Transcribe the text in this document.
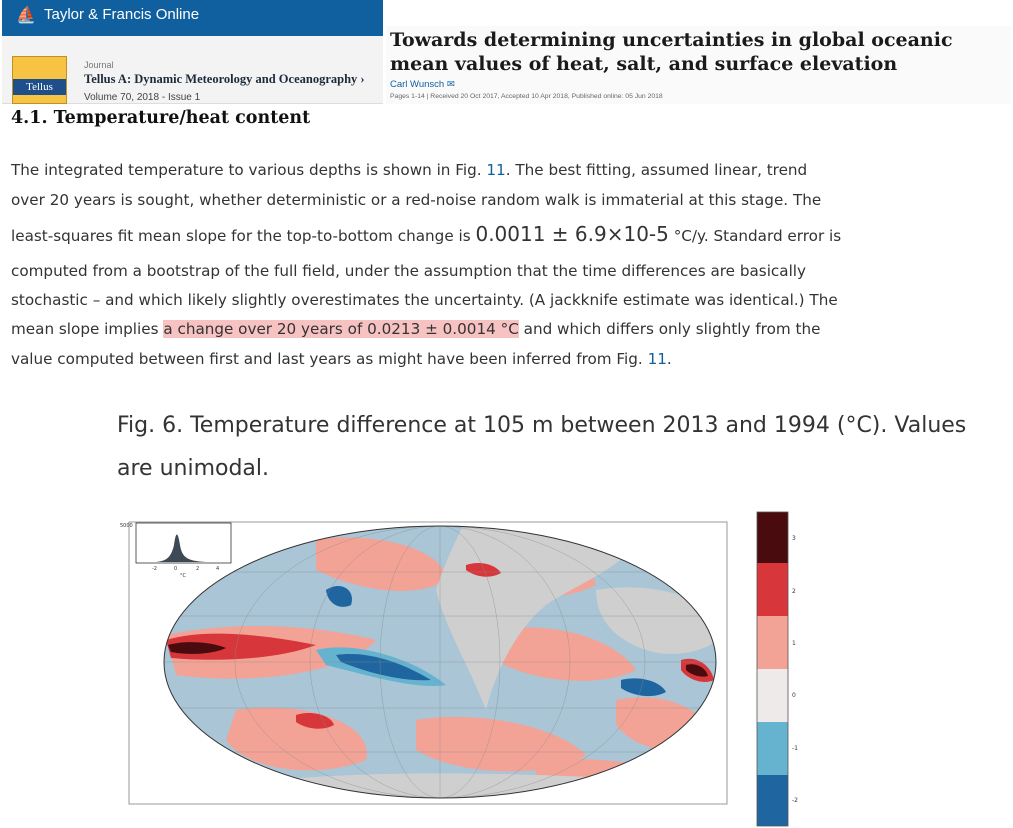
⛵ Taylor & Francis Online
Tellus
Journal
Tellus A: Dynamic Meteorology and Oceanography ›
Volume 70, 2018 - Issue 1
Towards determining uncertainties in global oceanic mean values of heat, salt, and surface elevation
Carl Wunsch ✉
Pages 1-14 | Received 20 Oct 2017, Accepted 10 Apr 2018, Published online: 05 Jun 2018
4.1. Temperature/heat content
The integrated temperature to various depths is shown in Fig. 11. The best fitting, assumed linear, trend
over 20 years is sought, whether deterministic or a red-noise random walk is immaterial at this stage. The
least-squares fit mean slope for the top-to-bottom change is 0.0011 ± 6.9×10-5 °C/y. Standard error is
computed from a bootstrap of the full field, under the assumption that the time differences are basically
stochastic – and which likely slightly overestimates the uncertainty. (A jackknife estimate was identical.) The
mean slope implies a change over 20 years of 0.0213 ± 0.0014 °C and which differs only slightly from the
value computed between first and last years as might have been inferred from Fig. 11.
Fig. 6. Temperature difference at 105 m between 2013 and 1994 (°C). Values are unimodal.
5000
-2	0	2	4
°C
3
2
1
0
-1
-2
